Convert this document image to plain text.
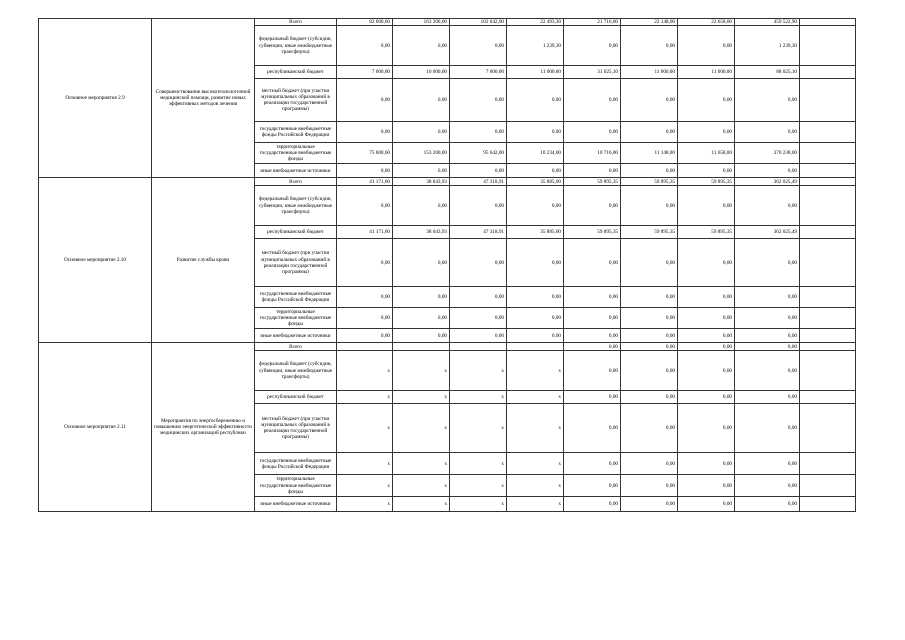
Основное мероприятие 2.9	Совершенствование высокотехнологичной медицинской помощи, развитие новых эффективных методов лечения	Всего	82 600,60	163 200,00	102 642,00	22 493,30	21 716,00	22 148,00	22 658,00	459 522,90	
		федеральный бюджет (субсидии, субвенции, иные межбюджетные трансферты)	0,00	0,00	0,00	1 239,30	0,00	0,00	0,00	1 239,30	
		республиканский бюджет	7 000,00	10 000,00	7 000,00	11 000,00	31 025,10	11 000,00	11 000,00	88 025,10	
		местный бюджет (при участии муниципальных образований в реализации государственной программы)	0,00	0,00	0,00	0,00	0,00	0,00	0,00	0,00	
		государственные внебюджетные фонды Российской Федерации	0,00	0,00	0,00	0,00	0,00	0,00	0,00	0,00	
		территориальные государственные внебюджетные фонды	75 600,60	153 200,00	95 642,00	10 234,00	10 716,00	11 148,00	11 658,00	370 238,00	
		иные внебюджетные источники	0,00	0,00	0,00	0,00	0,00	0,00	0,00	0,00	
Основное мероприятие 2.10	Развитие службы крови	Всего	41 171,60	38 043,93	47 318,91	35 885,00	59 895,35	59 895,35	59 895,35	362 025,49	
		федеральный бюджет (субсидии, субвенции, иные межбюджетные трансферты)	0,00	0,00	0,00	0,00	0,00	0,00	0,00	0,00	
		республиканский бюджет	41 171,60	38 043,93	47 318,91	35 885,00	59 895,35	59 895,35	59 895,35	362 025,49	
		местный бюджет (при участии муниципальных образований в реализации государственной программы)	0,00	0,00	0,00	0,00	0,00	0,00	0,00	0,00	
		государственные внебюджетные фонды Российской Федерации	0,00	0,00	0,00	0,00	0,00	0,00	0,00	0,00	
		территориальные государственные внебюджетные фонды	0,00	0,00	0,00	0,00	0,00	0,00	0,00	0,00	
		иные внебюджетные источники	0,00	0,00	0,00	0,00	0,00	0,00	0,00	0,00	
Основное мероприятие 2.11	Мероприятия по энергосбережению и повышению энергетической эффективности медицинских организаций республики	Всего					0,00	0,00	0,00	0,00	
		федеральный бюджет (субсидии, субвенции, иные межбюджетные трансферты)	x	x	x	x	0,00	0,00	0,00	0,00	
		республиканский бюджет	x	x	x	x	0,00	0,00	0,00	0,00	
		местный бюджет (при участии муниципальных образований в реализации государственной программы)	x	x	x	x	0,00	0,00	0,00	0,00	
		государственные внебюджетные фонды Российской Федерации	x	x	x	x	0,00	0,00	0,00	0,00	
		территориальные государственные внебюджетные фонды	x	x	x	x	0,00	0,00	0,00	0,00	
		иные внебюджетные источники	x	x	x	x	0,00	0,00	0,00	0,00	
